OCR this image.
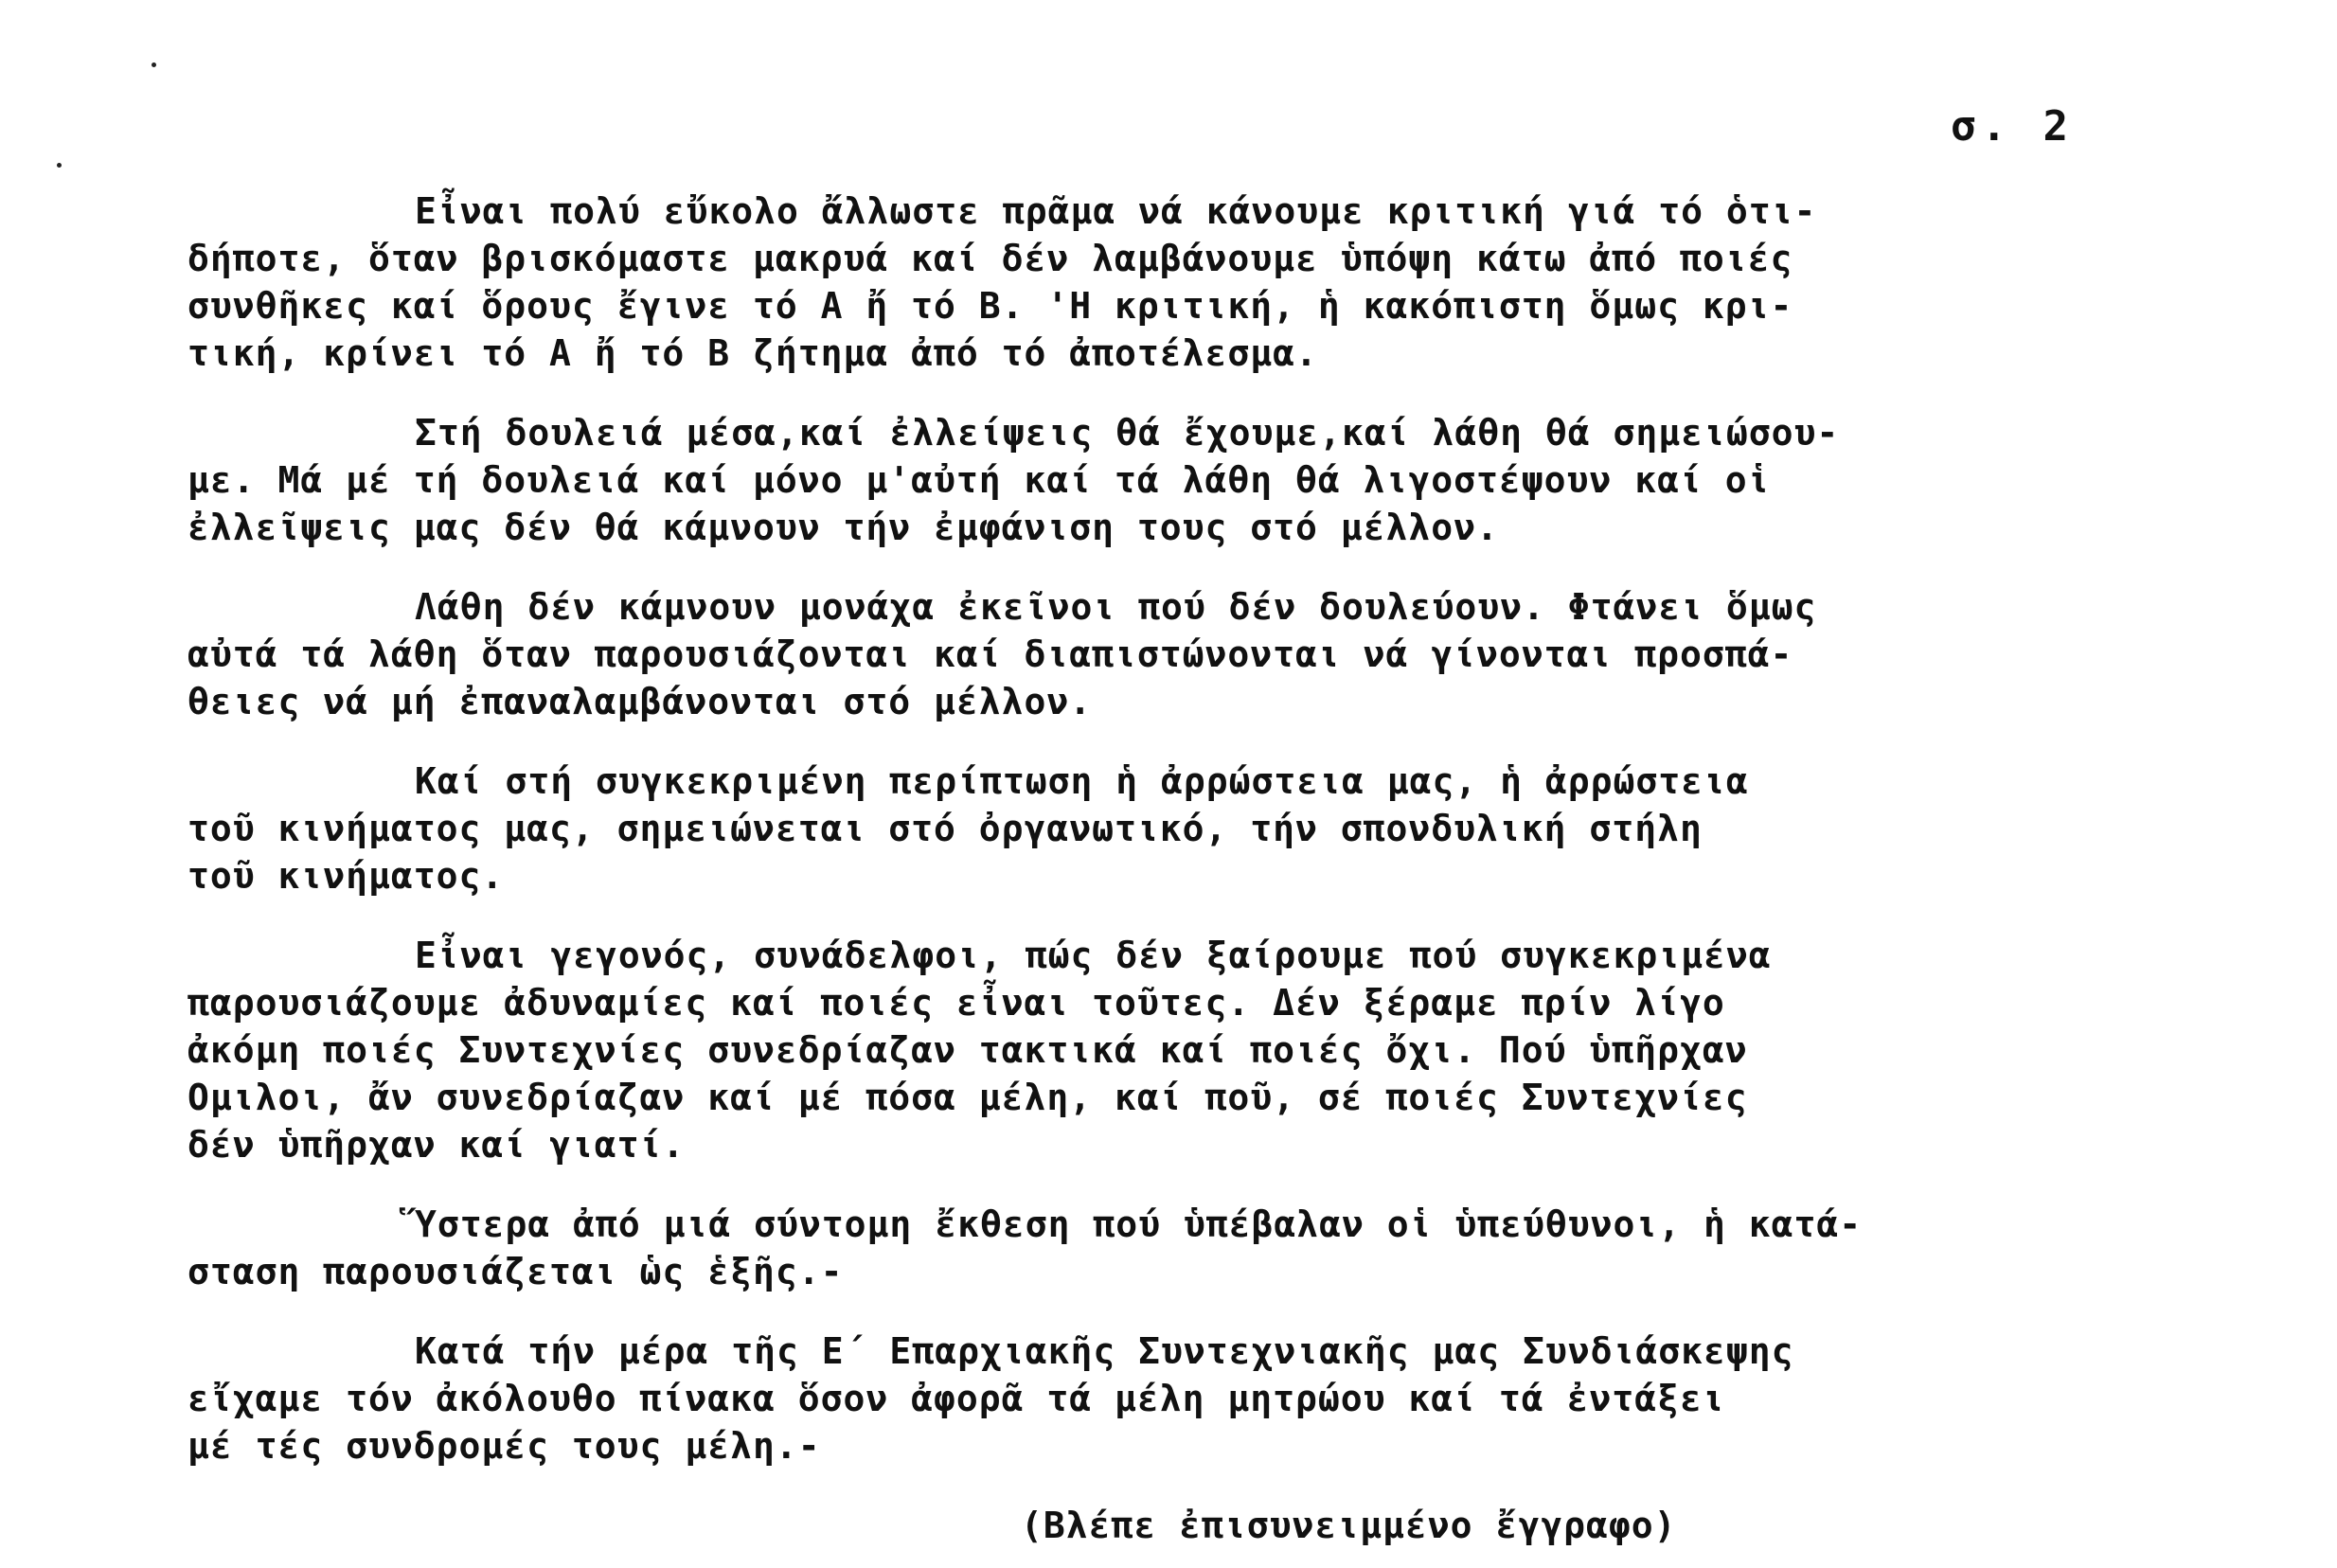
σ. 2
Εἶναι πολύ εὔκολο ἄλλωστε πρᾶμα νά κάνουμε κριτική γιά τό ὁτι-
δήποτε, ὅταν βρισκόμαστε μακρυά καί δέν λαμβάνουμε ὑπόψη κάτω ἀπό ποιές
συνθῆκες καί ὅρους ἔγινε τό Α ἤ τό Β. 'Η κριτική, ἡ κακόπιστη ὅμως κρι-
τική, κρίνει τό Α ἤ τό Β ζήτημα ἀπό τό ἀποτέλεσμα.
Στή δουλειά μέσα,καί ἐλλείψεις θά ἔχουμε,καί λάθη θά σημειώσου-
με. Μά μέ τή δουλειά καί μόνο μ'αὐτή καί τά λάθη θά λιγοστέψουν καί οἱ
ἐλλεῖψεις μας δέν θά κάμνουν τήν ἐμφάνιση τους στό μέλλον.
Λάθη δέν κάμνουν μονάχα ἐκεῖνοι πού δέν δουλεύουν. Φτάνει ὅμως
αὐτά τά λάθη ὅταν παρουσιάζονται καί διαπιστώνονται νά γίνονται προσπά-
θειες νά μή ἐπαναλαμβάνονται στό μέλλον.
Καί στή συγκεκριμένη περίπτωση ἡ ἀρρώστεια μας, ἡ ἀρρώστεια
τοῦ κινήματος μας, σημειώνεται στό ὀργανωτικό, τήν σπονδυλική στήλη
τοῦ κινήματος.
Εἶναι γεγονός, συνάδελφοι, πώς δέν ξαίρουμε πού συγκεκριμένα
παρουσιάζουμε ἀδυναμίες καί ποιές εἶναι τοῦτες. Δέν ξέραμε πρίν λίγο
ἀκόμη ποιές Συντεχνίες συνεδρίαζαν τακτικά καί ποιές ὄχι. Πού ὑπῆρχαν
Ομιλοι, ἄν συνεδρίαζαν καί μέ πόσα μέλη, καί ποῦ, σέ ποιές Συντεχνίες
δέν ὑπῆρχαν καί γιατί.
Ὕστερα ἀπό μιά σύντομη ἔκθεση πού ὑπέβαλαν οἱ ὑπεύθυνοι, ἡ κατά-
σταση παρουσιάζεται ὡς ἑξῆς.-
Κατά τήν μέρα τῆς Ε΄ Επαρχιακῆς Συντεχνιακῆς μας Συνδιάσκεψης
εἴχαμε τόν ἀκόλουθο πίνακα ὅσον ἀφορᾶ τά μέλη μητρώου καί τά ἐντάξει
μέ τές συνδρομές τους μέλη.-
(Βλέπε ἐπισυνειμμένο ἔγγραφο)
